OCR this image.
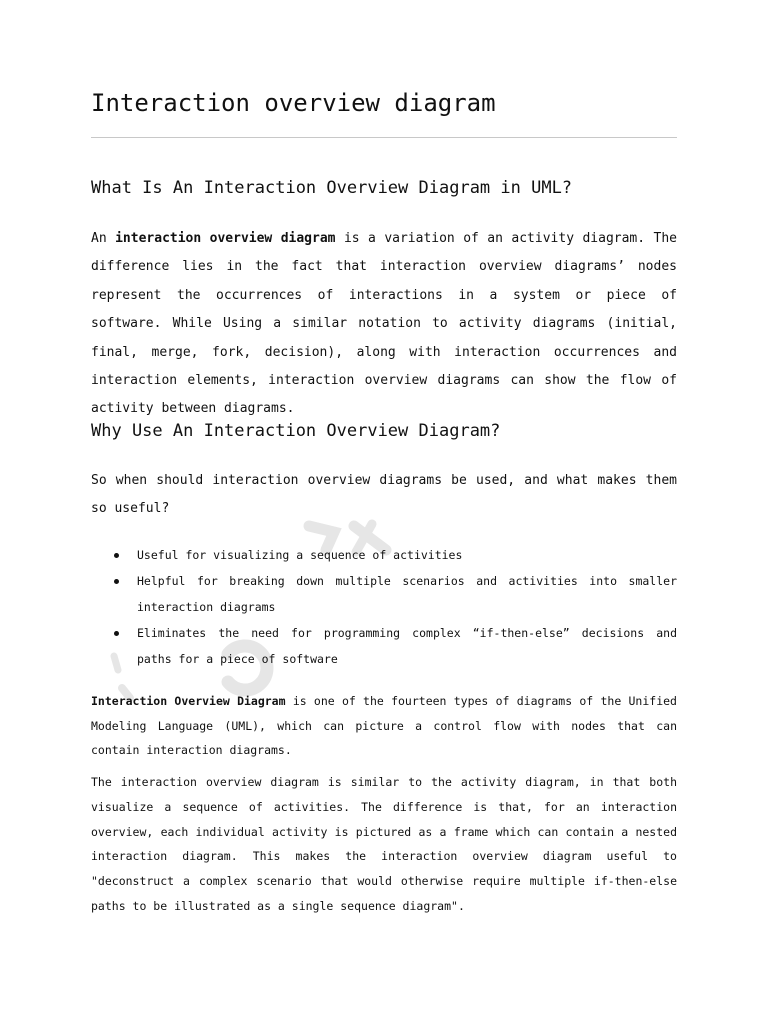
Interaction overview diagram
What Is An Interaction Overview Diagram in UML?

An interaction overview diagram is a variation of an activity diagram. The difference lies in the fact that interaction overview diagrams’ nodes represent the occurrences of interactions in a system or piece of software. While Using a similar notation to activity diagrams (initial, final, merge, fork, decision), along with interaction occurrences and interaction elements, interaction overview diagrams can show the flow of activity between diagrams.

Why Use An Interaction Overview Diagram?

So when should interaction overview diagrams be used, and what makes them so useful?

Useful for visualizing a sequence of activities
Helpful for breaking down multiple scenarios and activities into smaller interaction diagrams
Eliminates the need for programming complex “if-then-else” decisions and paths for a piece of software

Interaction Overview Diagram is one of the fourteen types of diagrams of the Unified Modeling Language (UML), which can picture a control flow with nodes that can contain interaction diagrams.

The interaction overview diagram is similar to the activity diagram, in that both visualize a sequence of activities. The difference is that, for an interaction overview, each individual activity is pictured as a frame which can contain a nested interaction diagram. This makes the interaction overview diagram useful to "deconstruct a complex scenario that would otherwise require multiple if-then-else paths to be illustrated as a single sequence diagram".
